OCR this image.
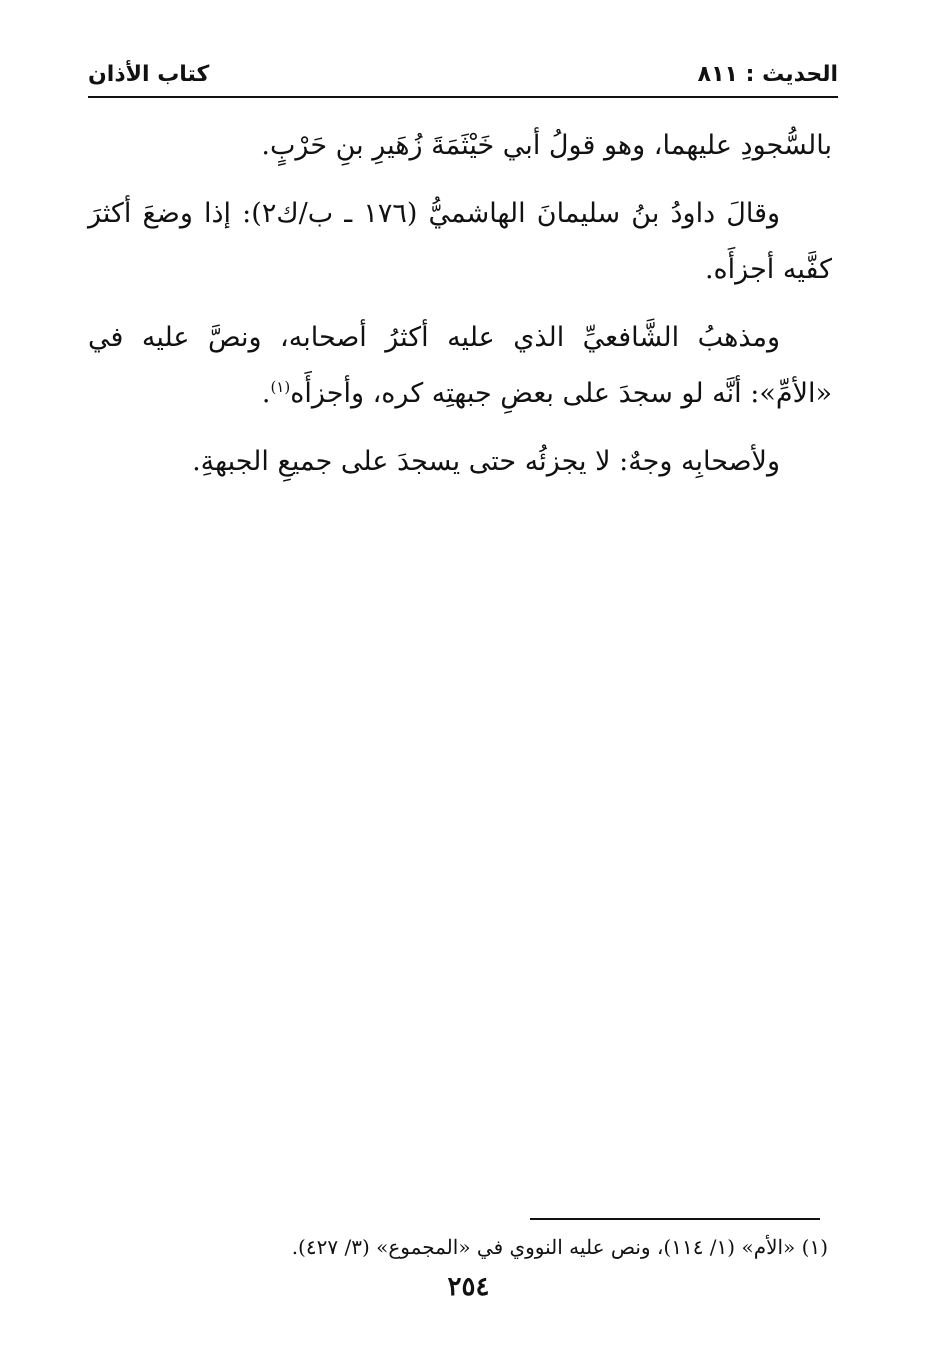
الحديث : ٨١١
كتاب الأذان

بالسُّجودِ عليهما، وهو قولُ أبي خَيْثَمَةَ زُهَيرِ بنِ حَرْبٍ.

وقالَ داودُ بنُ سليمانَ الهاشميُّ (١٧٦ ـ ب/ك٢): إذا وضعَ أكثرَ كفَّيه أجزأَه.

ومذهبُ الشَّافعيِّ الذي عليه أكثرُ أصحابه، ونصَّ عليه في «الأمِّ»: أنَّه لو سجدَ على بعضِ جبهتِه كره، وأجزأَه$^{(١)}$.

ولأصحابِه وجهٌ: لا يجزئُه حتى يسجدَ على جميعِ الجبهةِ.

(١) «الأم» (١/ ١١٤)، ونص عليه النووي في «المجموع» (٣/ ٤٢٧).
٢٥٤
